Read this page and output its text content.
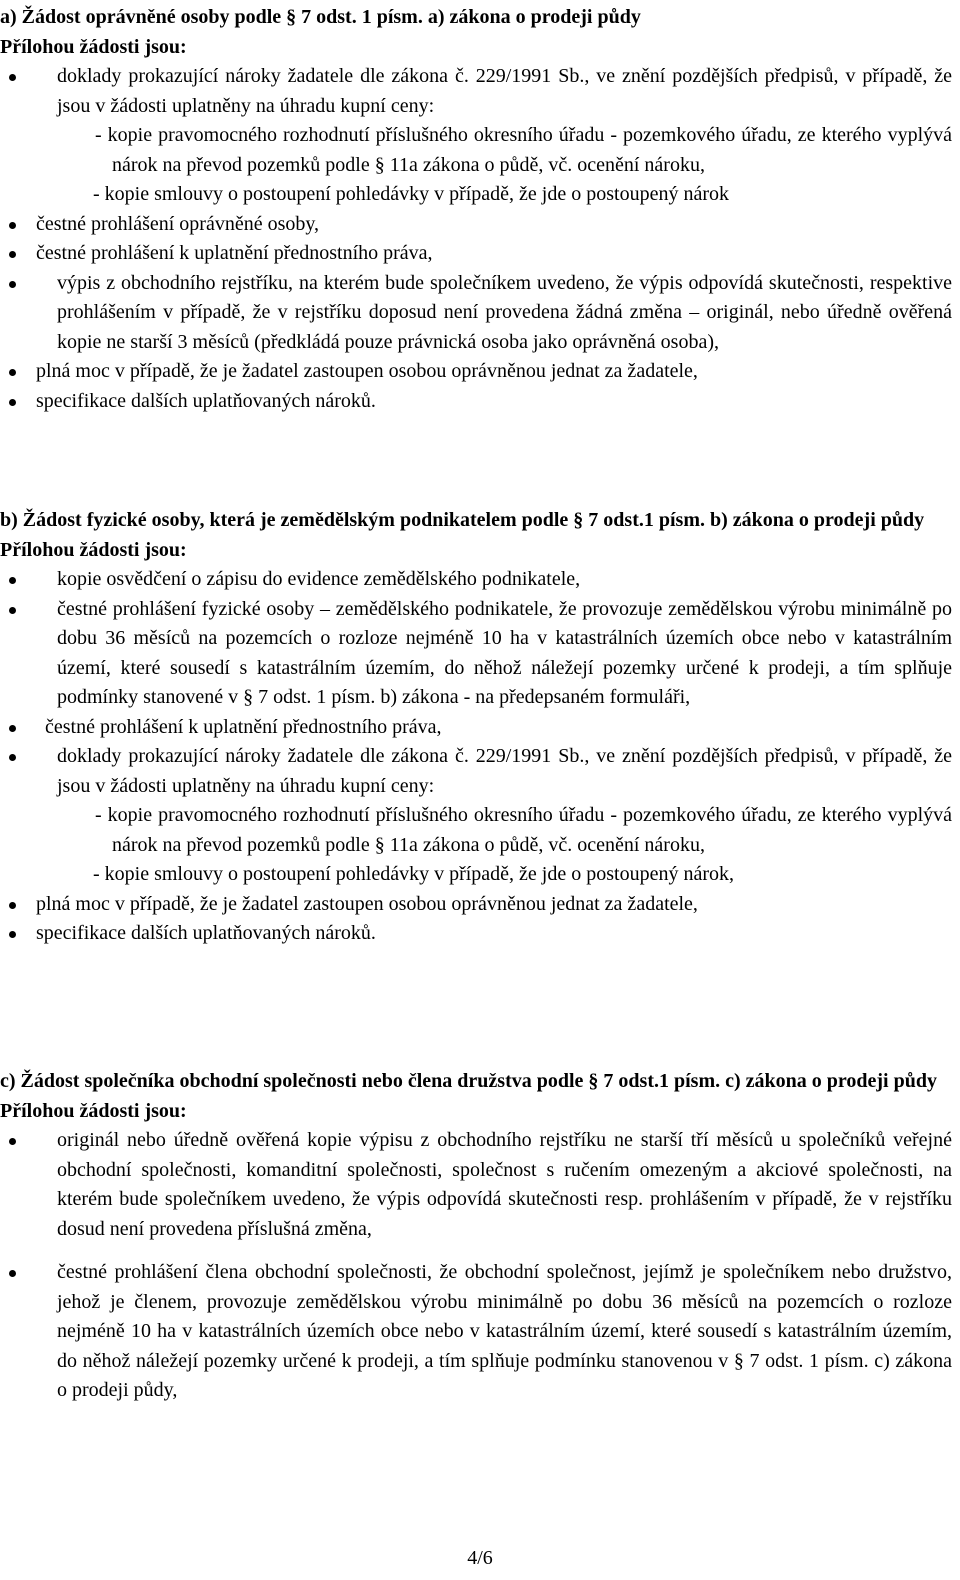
a) Žádost oprávněné osoby podle § 7 odst. 1 písm. a) zákona o prodeji půdy

Přílohou žádosti jsou:

doklady prokazující nároky žadatele dle zákona č. 229/1991 Sb., ve znění pozdějších předpisů, v případě, že jsou v žádosti uplatněny na úhradu kupní ceny:
- kopie pravomocného rozhodnutí příslušného okresního úřadu - pozemkového úřadu, ze kterého vyplývá nárok na převod pozemků podle § 11a zákona o půdě, vč. ocenění nároku,
- kopie smlouvy o postoupení pohledávky v případě, že jde o postoupený nárok
čestné prohlášení oprávněné osoby,
čestné prohlášení k uplatnění přednostního práva,
výpis z obchodního rejstříku, na kterém bude společníkem uvedeno, že výpis odpovídá skutečnosti, respektive prohlášením v případě, že v rejstříku doposud není provedena žádná změna – originál, nebo úředně ověřená kopie ne starší 3 měsíců (předkládá pouze právnická osoba jako oprávněná osoba),
plná moc v případě, že je žadatel zastoupen osobou oprávněnou jednat za žadatele,
specifikace dalších uplatňovaných nároků.

b) Žádost fyzické osoby, která je zemědělským podnikatelem podle § 7 odst.1 písm. b) zákona o prodeji půdy

Přílohou žádosti jsou:

kopie osvědčení o zápisu do evidence zemědělského podnikatele,
čestné prohlášení fyzické osoby – zemědělského podnikatele, že provozuje zemědělskou výrobu minimálně po dobu 36 měsíců na pozemcích o rozloze nejméně 10 ha v katastrálních územích obce nebo v katastrálním území, které sousedí s katastrálním územím, do něhož náležejí pozemky určené k prodeji, a tím splňuje podmínky stanovené v § 7 odst. 1 písm. b) zákona - na předepsaném formuláři,
čestné prohlášení k uplatnění přednostního práva,
doklady prokazující nároky žadatele dle zákona č. 229/1991 Sb., ve znění pozdějších předpisů, v případě, že jsou v žádosti uplatněny na úhradu kupní ceny:
- kopie pravomocného rozhodnutí příslušného okresního úřadu - pozemkového úřadu, ze kterého vyplývá nárok na převod pozemků podle § 11a zákona o půdě, vč. ocenění nároku,
- kopie smlouvy o postoupení pohledávky v případě, že jde o postoupený nárok,
plná moc v případě, že je žadatel zastoupen osobou oprávněnou jednat za žadatele,
specifikace dalších uplatňovaných nároků.

c) Žádost společníka obchodní společnosti nebo člena družstva podle § 7 odst.1 písm. c) zákona o prodeji půdy

Přílohou žádosti jsou:

originál nebo úředně ověřená kopie výpisu z obchodního rejstříku ne starší tří měsíců u společníků veřejné obchodní společnosti, komanditní společnosti, společnost s ručením omezeným a akciové společnosti, na kterém bude společníkem uvedeno, že výpis odpovídá skutečnosti resp. prohlášením v případě, že v rejstříku dosud není provedena příslušná změna,
čestné prohlášení člena obchodní společnosti, že obchodní společnost, jejímž je společníkem nebo družstvo, jehož je členem, provozuje zemědělskou výrobu minimálně po dobu 36 měsíců na pozemcích o rozloze nejméně 10 ha v katastrálních územích obce nebo v katastrálním území, které sousedí s katastrálním územím, do něhož náležejí pozemky určené k prodeji, a tím splňuje podmínku stanovenou v § 7 odst. 1 písm. c) zákona o prodeji půdy,
4/6
